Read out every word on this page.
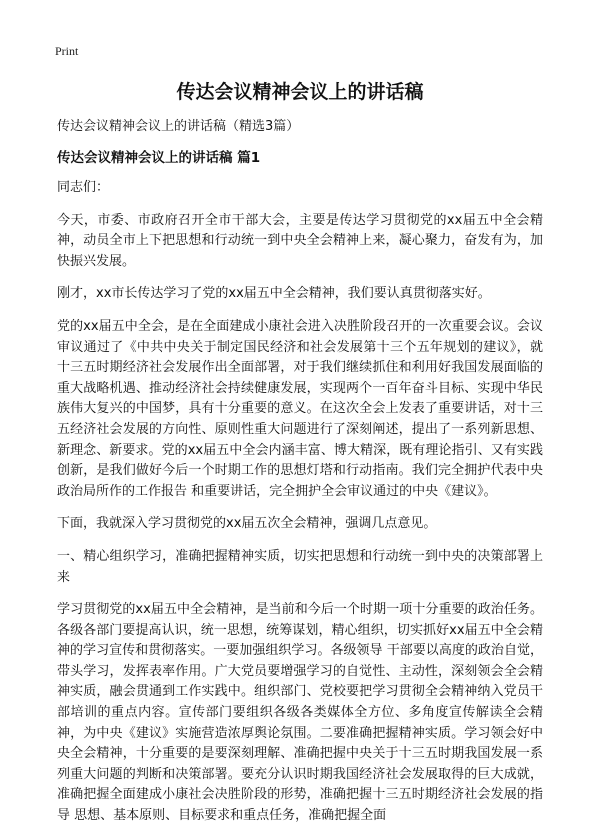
Print
传达会议精神会议上的讲话稿
传达会议精神会议上的讲话稿（精选3篇）
传达会议精神会议上的讲话稿 篇1
同志们：
今天，市委、市政府召开全市干部大会，主要是传达学习贯彻党的xx届五中全会精神，动员全市上下把思想和行动统一到中央全会精神上来，凝心聚力，奋发有为，加快振兴发展。
刚才，xx市长传达学习了党的xx届五中全会精神，我们要认真贯彻落实好。
党的xx届五中全会，是在全面建成小康社会进入决胜阶段召开的一次重要会议。会议审议通过了《中共中央关于制定国民经济和社会发展第十三个五年规划的建议》，就十三五时期经济社会发展作出全面部署，对于我们继续抓住和利用好我国发展面临的重大战略机遇、推动经济社会持续健康发展，实现两个一百年奋斗目标、实现中华民族伟大复兴的中国梦，具有十分重要的意义。在这次全会上发表了重要讲话，对十三五经济社会发展的方向性、原则性重大问题进行了深刻阐述，提出了一系列新思想、新理念、新要求。党的xx届五中全会内涵丰富、博大精深，既有理论指引、又有实践创新，是我们做好今后一个时期工作的思想灯塔和行动指南。我们完全拥护代表中央政治局所作的工作报告 和重要讲话，完全拥护全会审议通过的中央《建议》。
下面，我就深入学习贯彻党的xx届五次全会精神，强调几点意见。
一、精心组织学习，准确把握精神实质，切实把思想和行动统一到中央的决策部署上来
学习贯彻党的xx届五中全会精神，是当前和今后一个时期一项十分重要的政治任务。各级各部门要提高认识，统一思想，统筹谋划，精心组织，切实抓好xx届五中全会精神的学习宣传和贯彻落实。一要加强组织学习。各级领导 干部要以高度的政治自觉，带头学习，发挥表率作用。广大党员要增强学习的自觉性、主动性，深刻领会全会精神实质，融会贯通到工作实践中。组织部门、党校要把学习贯彻全会精神纳入党员干部培训的重点内容。宣传部门要组织各级各类媒体全方位、多角度宣传解读全会精神，为中央《建议》实施营造浓厚舆论氛围。二要准确把握精神实质。学习领会好中央全会精神，十分重要的是要深刻理解、准确把握中央关于十三五时期我国发展一系列重大问题的判断和决策部署。要充分认识时期我国经济社会发展取得的巨大成就，准确把握全面建成小康社会决胜阶段的形势，准确把握十三五时期经济社会发展的指导 思想、基本原则、目标要求和重点任务，准确把握全面
